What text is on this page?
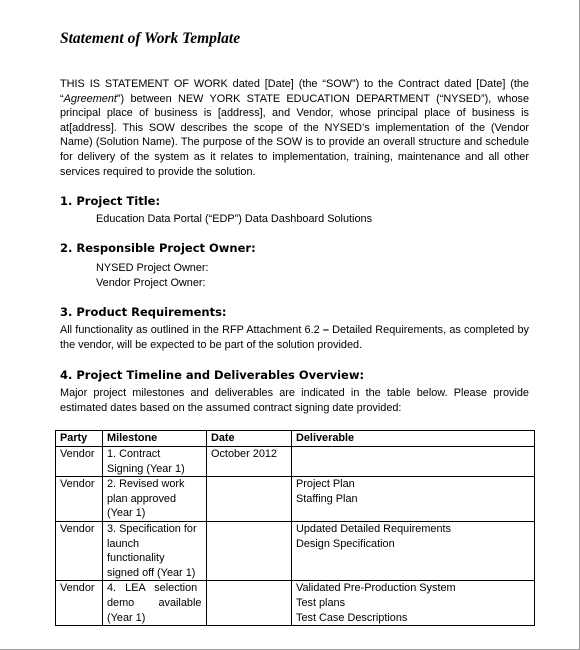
Statement of Work Template

THIS IS STATEMENT OF WORK dated [Date] (the “SOW”) to the Contract dated [Date] (the “Agreement”) between NEW YORK STATE EDUCATION DEPARTMENT (“NYSED”), whose principal place of business is [address], and Vendor, whose principal place of business is at[address]. This SOW describes the scope of the NYSED’s implementation of the (Vendor Name) (Solution Name). The purpose of the SOW is to provide an overall structure and schedule for delivery of the system as it relates to implementation, training, maintenance and all other services required to provide the solution.

1. Project Title:

Education Data Portal (“EDP”) Data Dashboard Solutions

2. Responsible Project Owner:

NYSED Project Owner:

Vendor Project Owner:

3. Product Requirements:

All functionality as outlined in the RFP Attachment 6.2 – Detailed Requirements, as completed by the vendor, will be expected to be part of the solution provided.

4. Project Timeline and Deliverables Overview:

Major project milestones and deliverables are indicated in the table below. Please provide estimated dates based on the assumed contract signing date provided:

Party	Milestone	Date	Deliverable
Vendor	1. Contract
Signing (Year 1)	October 2012	
Vendor	2. Revised work
plan approved
(Year 1)		Project Plan
Staffing Plan

Vendor	3. Specification for
launch
functionality
signed off (Year 1)		Updated Detailed Requirements
Design Specification

Vendor	4.   LEA   selection
demo        available
(Year 1)		Validated Pre-Production System
Test plans
Test Case Descriptions
